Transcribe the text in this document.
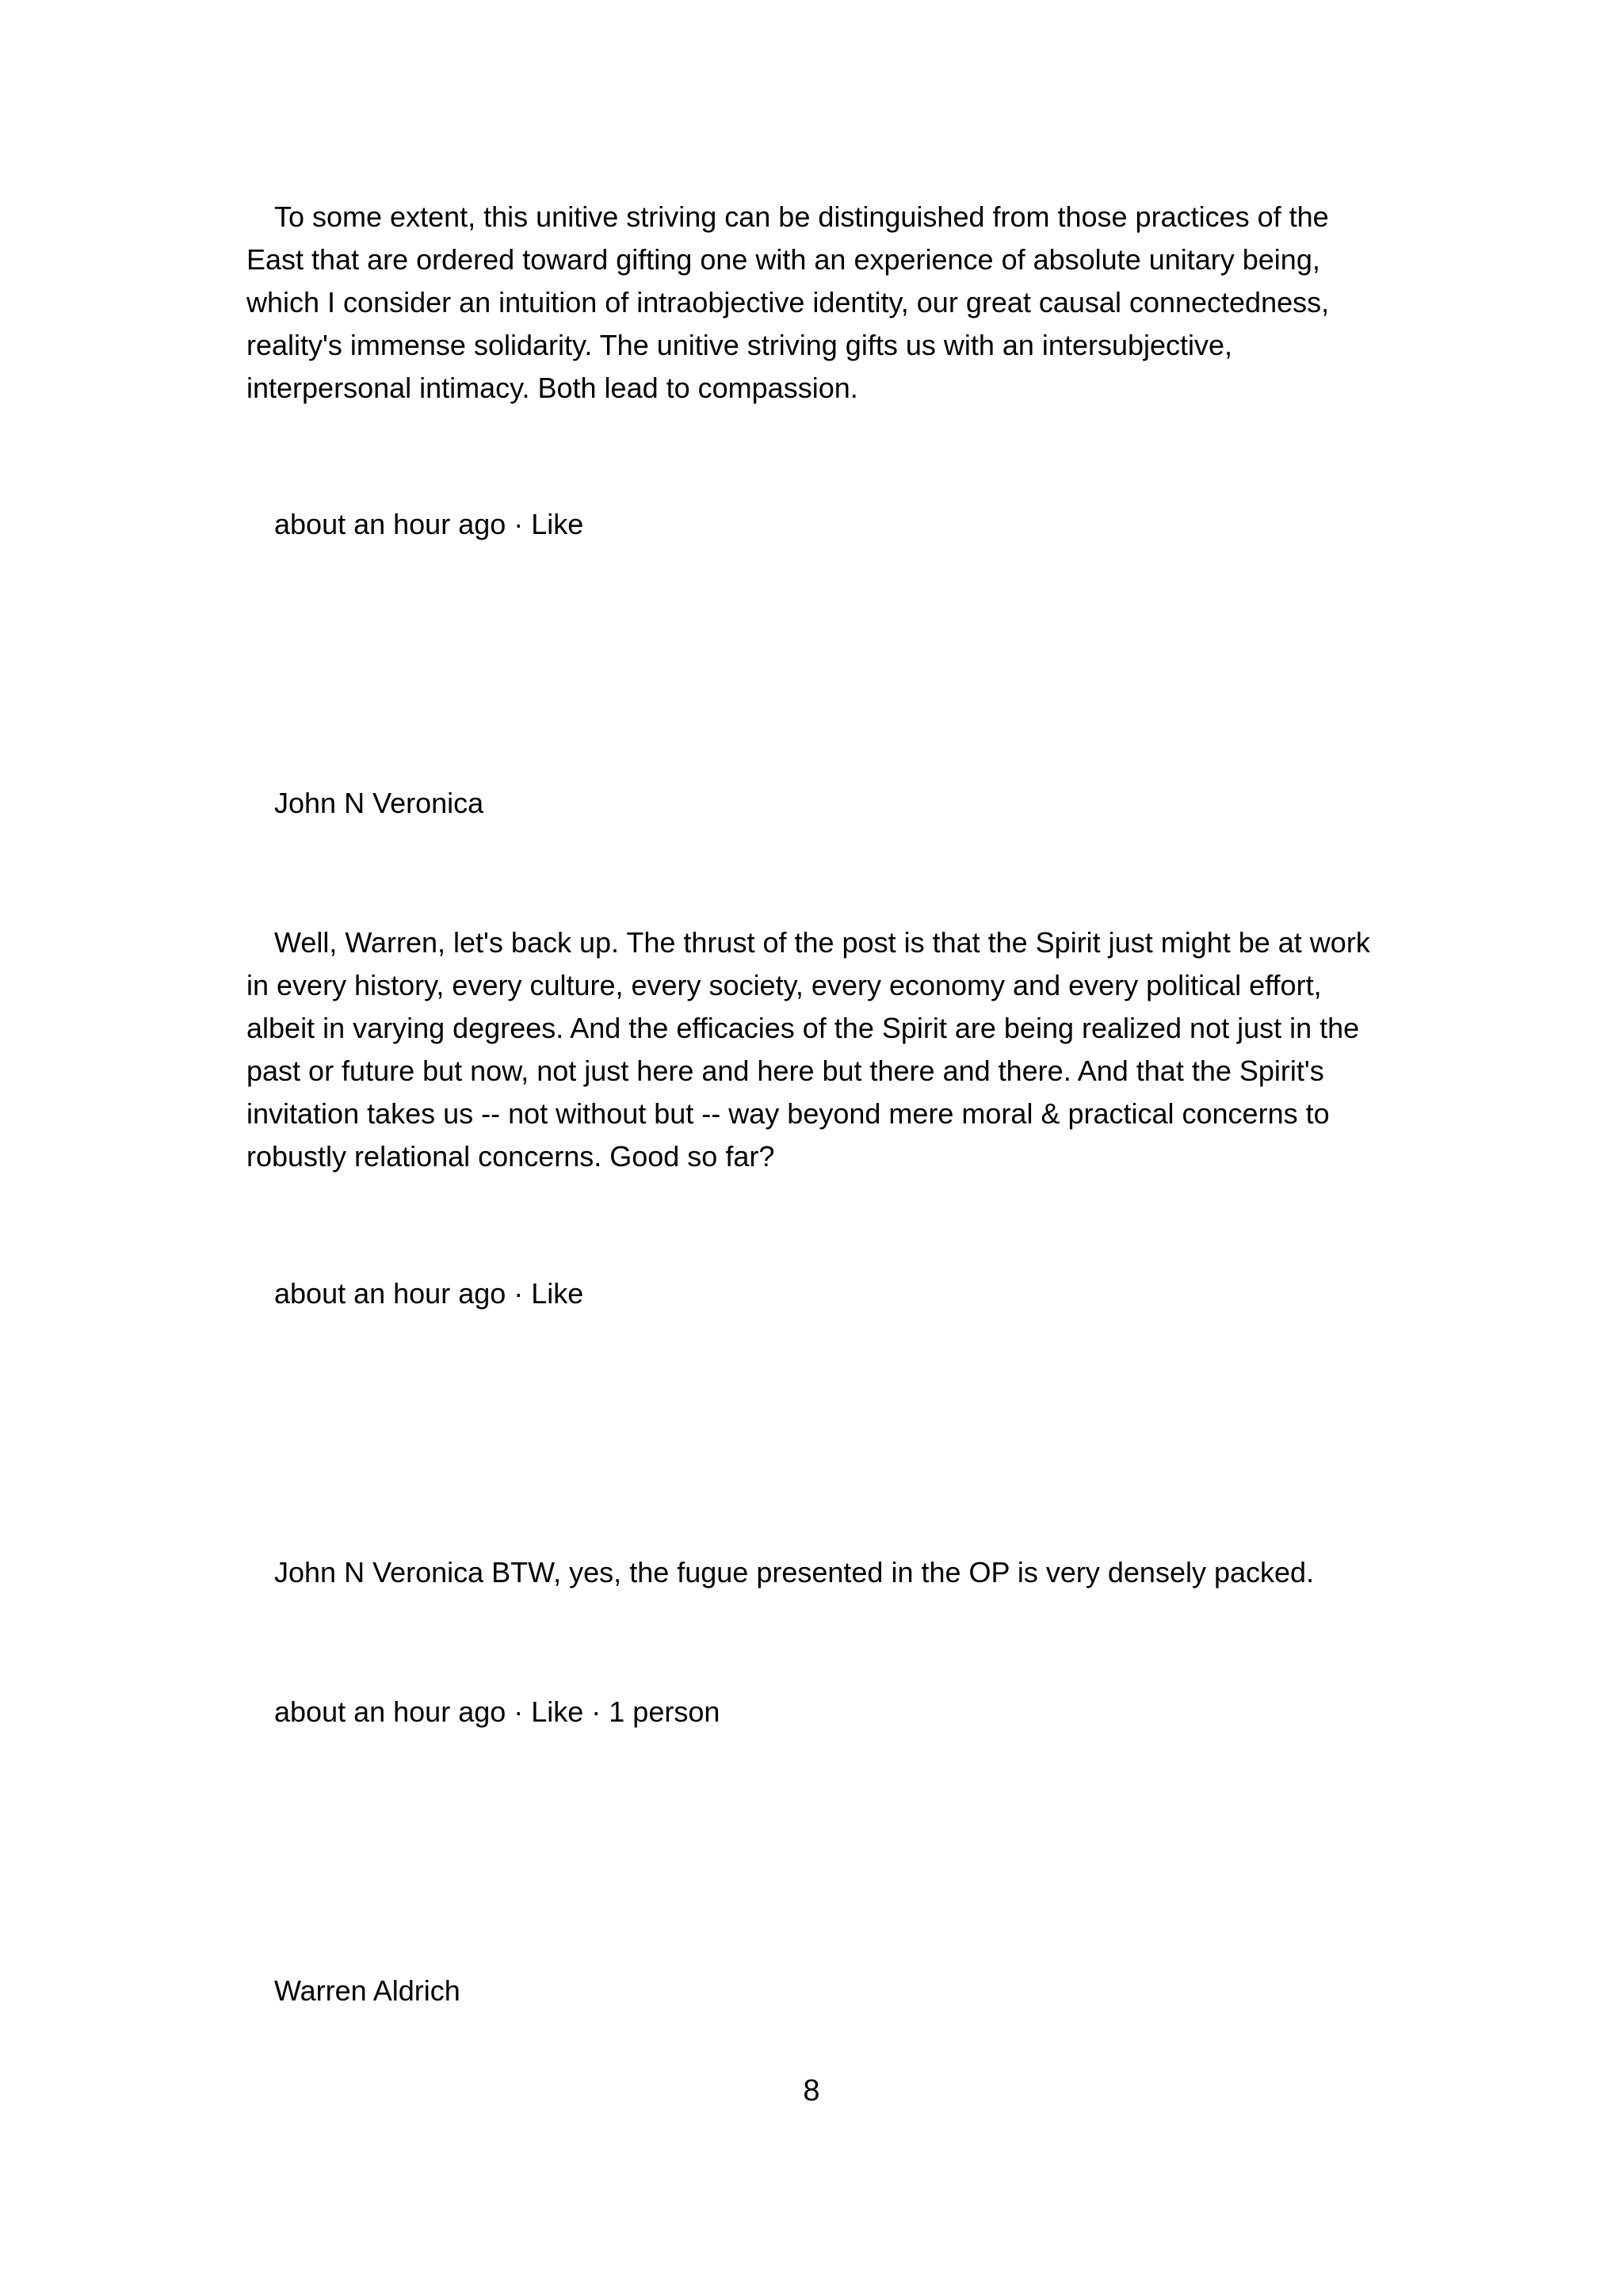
To some extent, this unitive striving can be distinguished from those practices of the East that are ordered toward gifting one with an experience of absolute unitary being, which I consider an intuition of intraobjective identity, our great causal connectedness, reality's immense solidarity. The unitive striving gifts us with an intersubjective, interpersonal intimacy. Both lead to compassion.

about an hour ago · Like

John N Veronica

Well, Warren, let's back up. The thrust of the post is that the Spirit just might be at work in every history, every culture, every society, every economy and every political effort, albeit in varying degrees. And the efficacies of the Spirit are being realized not just in the past or future but now, not just here and here but there and there. And that the Spirit's invitation takes us -- not without but -- way beyond mere moral & practical concerns to robustly relational concerns. Good so far?

about an hour ago · Like

John N Veronica BTW, yes, the fugue presented in the OP is very densely packed.

about an hour ago · Like · 1 person

Warren Aldrich

8
